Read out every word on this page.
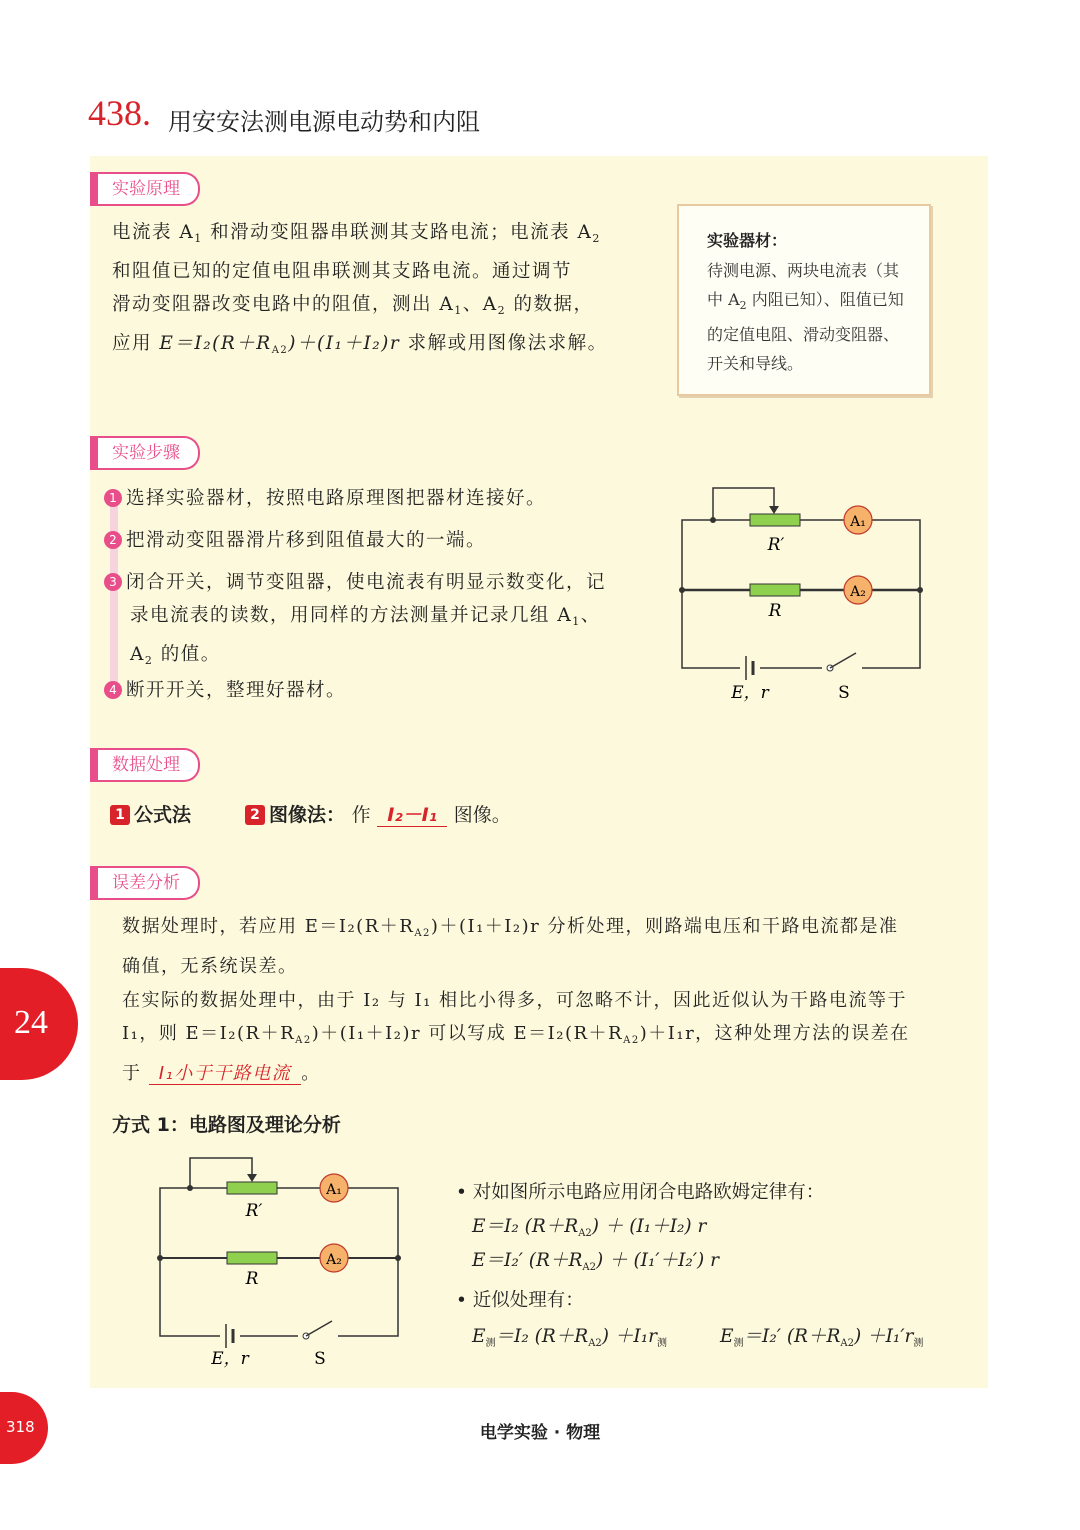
438. 用安安法测电源电动势和内阻
实验原理
电流表 $A_1$ 和滑动变阻器串联测其支路电流；电流表 $A_2$
和阻值已知的定值电阻串联测其支路电流。通过调节
滑动变阻器改变电路中的阻值，测出 $A_1$、$A_2$ 的数据，
应用 $E=I_2(R+R_{A2})+(I_1+I_2)r$ 求解或用图像法求解。
实验器材：
待测电源、两块电流表（其中 $A_2$ 内阻已知）、阻值已知的定值电阻、滑动变阻器、开关和导线。
实验步骤
1 选择实验器材，按照电路原理图把器材连接好。
2 把滑动变阻器滑片移到阻值最大的一端。
3 闭合开关，调节变阻器，使电流表有明显示数变化，记
录电流表的读数，用同样的方法测量并记录几组 $A_1$、
$A_2$ 的值。
4 断开开关，整理好器材。
A₁
A₂
R′
R
E，r	S
数据处理
1 公式法	2 图像法： 作 I₂－I₁ 图像。
误差分析
数据处理时，若应用 $E=I_2(R+R_{A2})+(I_1+I_2)r$ 分析处理，则路端电压和干路电流都是准
确值，无系统误差。
在实际的数据处理中，由于 I₂ 与 I₁ 相比小得多，可忽略不计，因此近似认为干路电流等于
I₁，则 $E=I_2(R+R_{A2})+(I_1+I_2)r$ 可以写成 $E=I_2(R+R_{A2})+I_1r$，这种处理方法的误差在
于 I₁小于干路电流 。
方式 1：电路图及理论分析
A₁
A₂
R′
R
E，r	S
• 对如图所示电路应用闭合电路欧姆定律有：
E＝I₂ $(R+R_{A2}) + (I_1+I_2)$ r
E＝I₂′ $(R+R_{A2}) + (I_1'+I_2')$ r
• 近似处理有：
$E_测=I_2$ $(R+R_{A2}) +I_1r_测$	$E_测=I_2'$ $(R+R_{A2}) +I_1'r_测$
24
318	电学实验 · 物理
